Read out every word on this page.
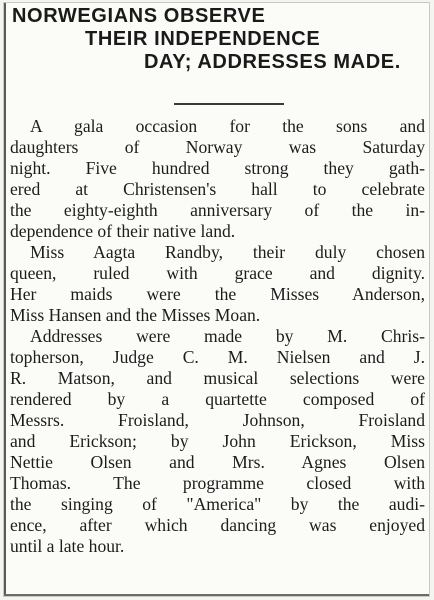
NORWEGIANS OBSERVE
THEIR INDEPENDENCE
DAY; ADDRESSES MADE.
A gala occasion for the sons and
daughters of Norway was Saturday
night. Five hundred strong they gath-
ered at Christensen's hall to celebrate
the eighty-eighth anniversary of the in-
dependence of their native land.
Miss Aagta Randby, their duly chosen
queen, ruled with grace and dignity.
Her maids were the Misses Anderson,
Miss Hansen and the Misses Moan.
Addresses were made by M. Chris-
topherson, Judge C. M. Nielsen and J.
R. Matson, and musical selections were
rendered by a quartette composed of
Messrs. Froisland, Johnson, Froisland
and Erickson; by John Erickson, Miss
Nettie Olsen and Mrs. Agnes Olsen
Thomas. The programme closed with
the singing of "America" by the audi-
ence, after which dancing was enjoyed
until a late hour.
